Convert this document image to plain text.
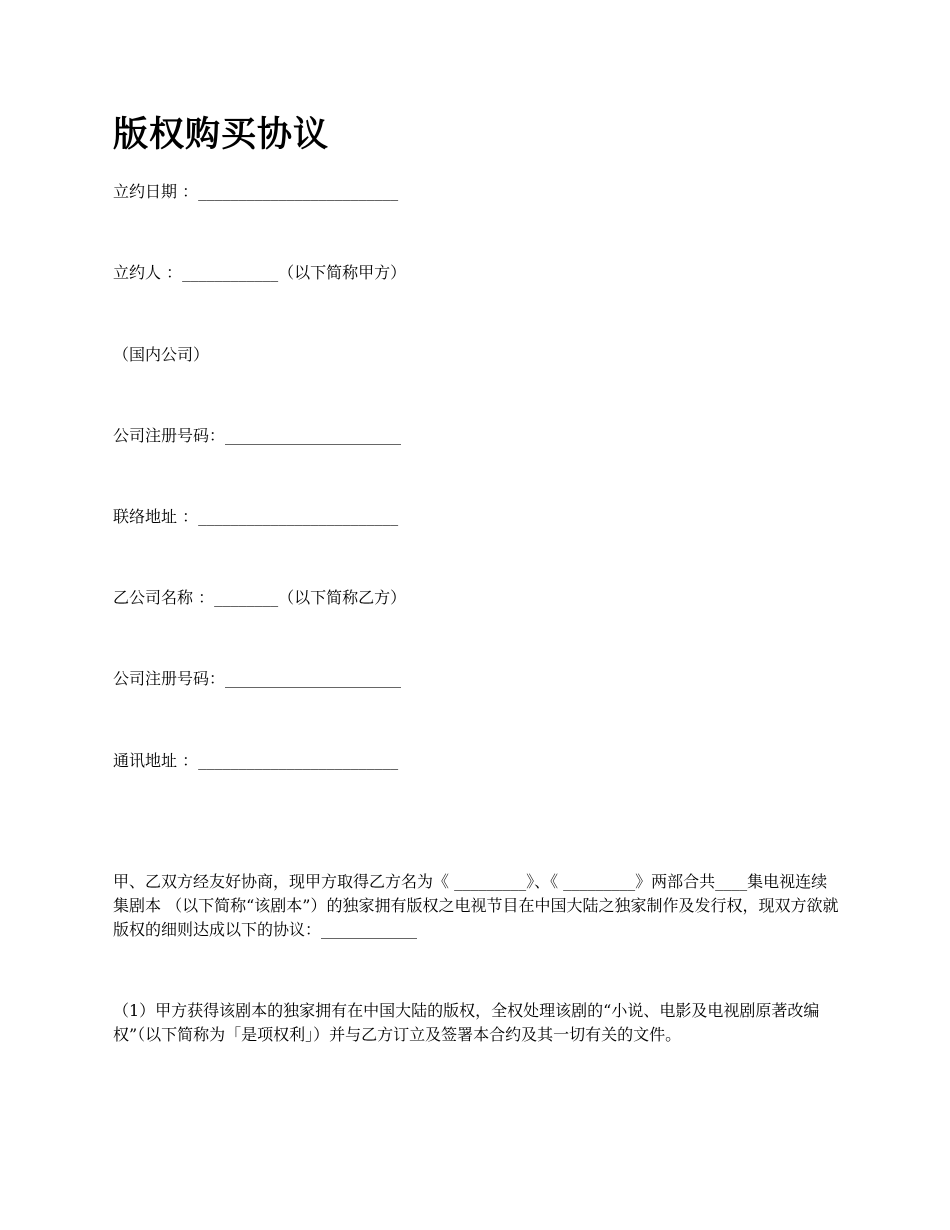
版权购买协议

立约日期 ：_________________________

立约人 ：____________（以下简称甲方）

（国内公司）

公司注册号码：______________________

联络地址 ：_________________________

乙公司名称 ：________（以下简称乙方）

公司注册号码：______________________

通讯地址 ：_________________________

甲、乙双方经友好协商，现甲方取得乙方名为《 _________》、《 _________》两部合共____集电视连续集剧本 （以下简称“该剧本”）的独家拥有版权之电视节目在中国大陆之独家制作及发行权，现双方欲就版权的细则达成以下的协议：____________

（1）甲方获得该剧本的独家拥有在中国大陆的版权，全权处理该剧的“小说、电影及电视剧原著改编权”（以下简称为「是项权利」）并与乙方订立及签署本合约及其一切有关的文件。
